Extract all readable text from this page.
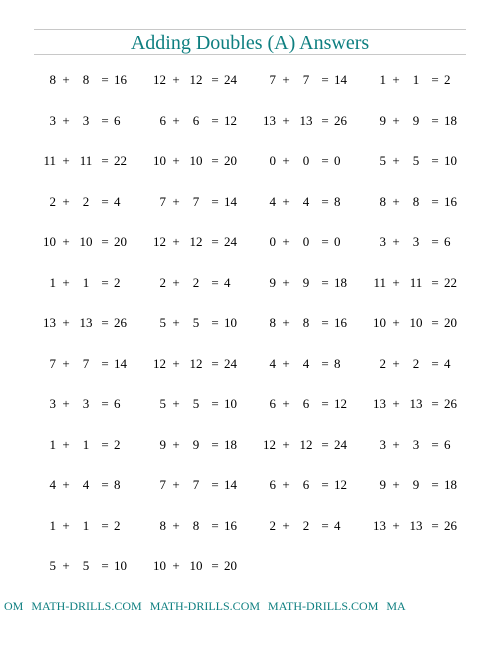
Adding Doubles (A) Answers
8 +	8 = 16	12 + 12 = 24	7 +	7 = 14	1 +	1 = 2
3 +	3 = 6	6 +	6 = 12	13 + 13 = 26	9 +	9 = 18
11 + 11 = 22	10 + 10 = 20	0 +	0 = 0	5 +	5 = 10
2 +	2 = 4	7 +	7 = 14	4 +	4 = 8	8 +	8 = 16
10 + 10 = 20	12 + 12 = 24	0 +	0 = 0	3 +	3 = 6
1 +	1 = 2	2 +	2 = 4	9 +	9 = 18	11 + 11 = 22
13 + 13 = 26	5 +	5 = 10	8 +	8 = 16	10 + 10 = 20
7 +	7 = 14	12 + 12 = 24	4 +	4 = 8	2 +	2 = 4
3 +	3 = 6	5 +	5 = 10	6 +	6 = 12	13 + 13 = 26
1 +	1 = 2	9 +	9 = 18	12 + 12 = 24	3 +	3 = 6
4 +	4 = 8	7 +	7 = 14	6 +	6 = 12	9 +	9 = 18
1 +	1 = 2	8 +	8 = 16	2 +	2 = 4	13 + 13 = 26
5 +	5 = 10	10 + 10 = 20
OM MATH-DRILLS.COM MATH-DRILLS.COM MATH-DRILLS.COM MA
